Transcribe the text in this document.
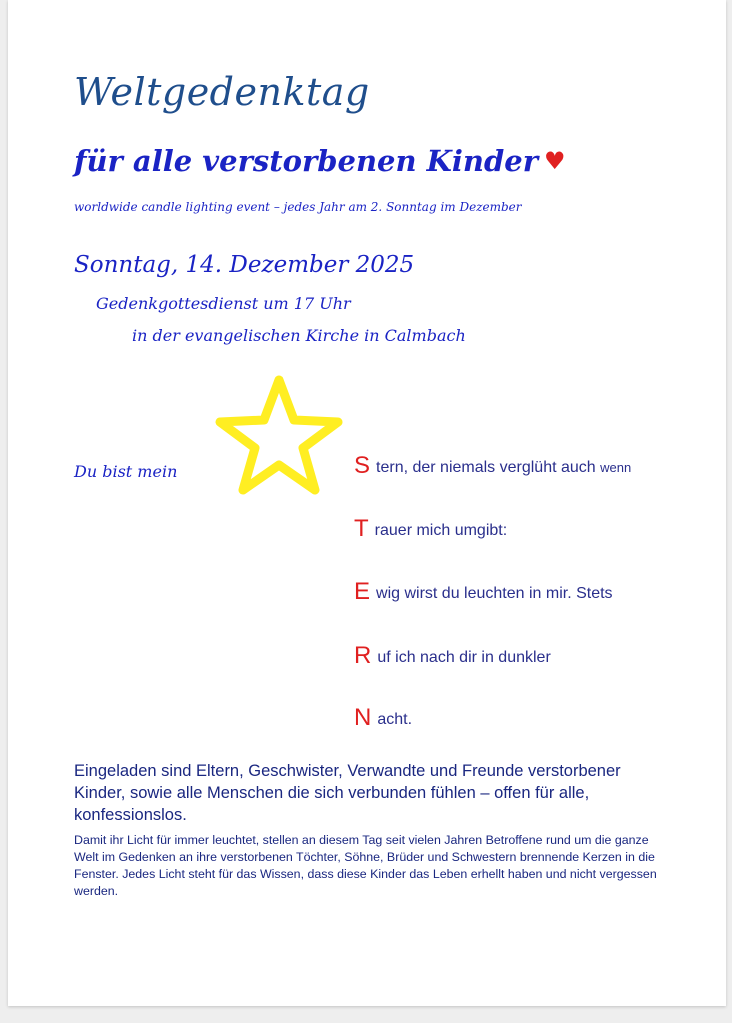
Weltgedenktag
für alle verstorbenen Kinder ♥
worldwide candle lighting event – jedes Jahr am 2. Sonntag im Dezember
Sonntag, 14. Dezember 2025
Gedenkgottesdienst um 17 Uhr
in der evangelischen Kirche in Calmbach
Du bist mein	Stern, der niemals verglüht auch wenn
Trauer mich umgibt:
Ewig wirst du leuchten in mir. Stets
Ruf ich nach dir in dunkler
Nacht.
Eingeladen sind Eltern, Geschwister, Verwandte und Freunde verstorbener Kinder, sowie alle Menschen die sich verbunden fühlen – offen für alle, konfessionslos.
Damit ihr Licht für immer leuchtet, stellen an diesem Tag seit vielen Jahren Betroffene rund um die ganze Welt im Gedenken an ihre verstorbenen Töchter, Söhne, Brüder und Schwestern brennende Kerzen in die Fenster. Jedes Licht steht für das Wissen, dass diese Kinder das Leben erhellt haben und nicht vergessen werden.
